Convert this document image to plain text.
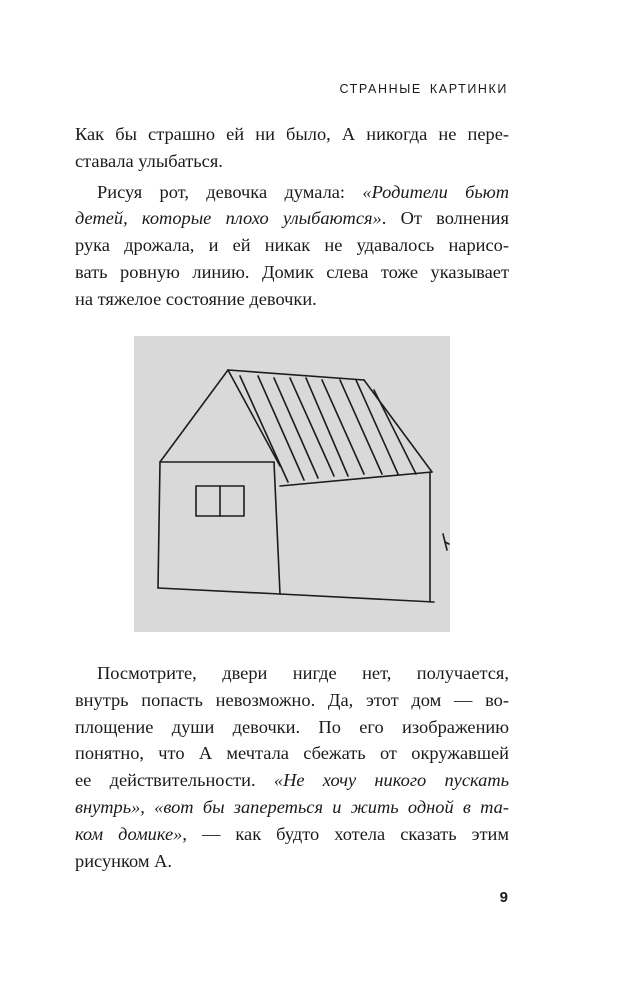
СТРАННЫЕ КАРТИНКИ

Как бы страшно ей ни было, А никогда не пере-
ставала улыбаться.

Рисуя рот, девочка думала: «Родители бьют
детей, которые плохо улыбаются». От волнения
рука дрожала, и ей никак не удавалось нарисо-
вать ровную линию. Домик слева тоже указывает
на тяжелое состояние девочки.

Посмотрите, двери нигде нет, получается,
внутрь попасть невозможно. Да, этот дом — во-
площение души девочки. По его изображению
понятно, что А мечтала сбежать от окружавшей
ее действительности. «Не хочу никого пускать
внутрь», «вот бы запереться и жить одной в та-
ком домике», — как будто хотела сказать этим
рисунком А.

9
